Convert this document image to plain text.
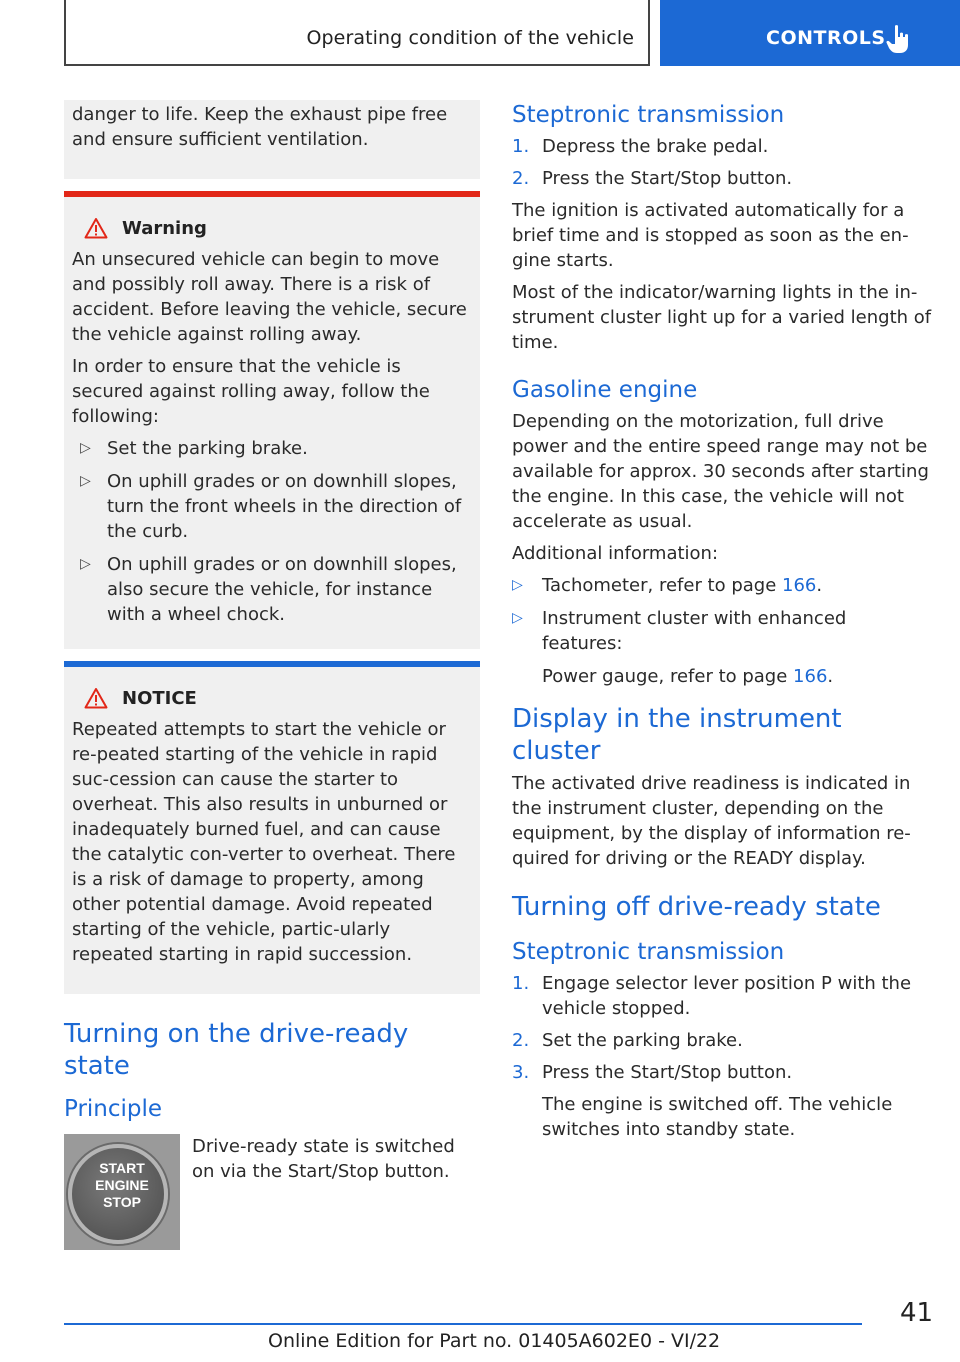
Operating condition of the vehicle	CONTROLS

danger to life. Keep the exhaust pipe free and ensure sufficient ventilation.

Warning

An unsecured vehicle can begin to move and possibly roll away. There is a risk of accident. Before leaving the vehicle, secure the vehicle against rolling away.

In order to ensure that the vehicle is secured against rolling away, follow the following:

▷ Set the parking brake.
▷ On uphill grades or on downhill slopes, turn the front wheels in the direction of the curb.
▷ On uphill grades or on downhill slopes, also secure the vehicle, for instance with a wheel chock.
NOTICE

Repeated attempts to start the vehicle or re-peated starting of the vehicle in rapid suc-cession can cause the starter to overheat. This also results in unburned or inadequately burned fuel, and can cause the catalytic con-verter to overheat. There is a risk of damage to property, among other potential damage. Avoid repeated starting of the vehicle, partic-ularly repeated starting in rapid succession.

Turning on the drive-ready state
Principle
START
ENGINE
STOP

Drive-ready state is switched on via the Start/Stop button.

Steptronic transmission
1. Depress the brake pedal.
2. Press the Start/Stop button.

The ignition is activated automatically for a brief time and is stopped as soon as the en-gine starts.

Most of the indicator/warning lights in the in-strument cluster light up for a varied length of time.

Gasoline engine

Depending on the motorization, full drive power and the entire speed range may not be available for approx. 30 seconds after starting the engine. In this case, the vehicle will not accelerate as usual.

Additional information:

▷ Tachometer, refer to page 166.
▷ Instrument cluster with enhanced features:
Power gauge, refer to page 166.
Display in the instrument cluster

The activated drive readiness is indicated in the instrument cluster, depending on the equipment, by the display of information re-quired for driving or the READY display.

Turning off drive-ready state
Steptronic transmission
1. Engage selector lever position P with the vehicle stopped.
2. Set the parking brake.
3. Press the Start/Stop button.
The engine is switched off. The vehicle switches into standby state.
41
Online Edition for Part no. 01405A602E0 - VI/22
